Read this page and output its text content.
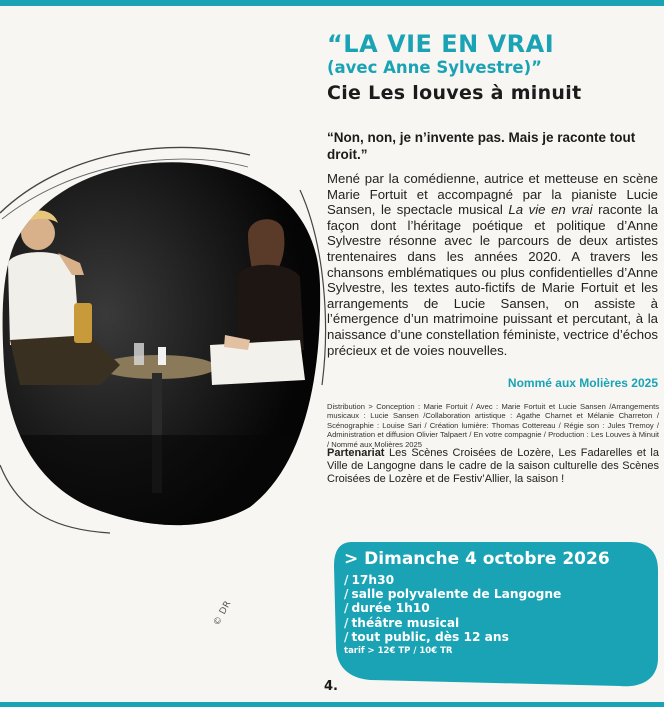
© DR
“LA VIE EN VRAI
(avec Anne Sylvestre)”
Cie Les louves à minuit
“Non, non, je n’invente pas. Mais je raconte tout droit.”
Mené par la comédienne, autrice et metteuse en scène Marie Fortuit et accompagné par la pianiste Lucie Sansen, le spectacle musical La vie en vrai raconte la façon dont l’héritage poétique et politique d’Anne Sylvestre résonne avec le parcours de deux artistes trentenaires dans les années 2020. A travers les chansons emblématiques ou plus confidentielles d’Anne Sylvestre, les textes auto-fictifs de Marie Fortuit et les arrangements de Lucie Sansen, on assiste à l’émergence d’un matrimoine puissant et percutant, à la naissance d’une constellation féministe, vectrice d’échos précieux et de voies nouvelles.
Nommé aux Molières 2025
Distribution > Conception : Marie Fortuit / Avec : Marie Fortuit et Lucie Sansen /Arrangements musicaux : Lucie Sansen /Collaboration artistique : Agathe Charnet et Mélanie Charreton / Scénographie : Louise Sari / Création lumière: Thomas Cottereau / Régie son : Jules Tremoy / Administration et diffusion Olivier Talpaert / En votre compagnie / Production : Les Louves à Minuit / Nommé aux Molières 2025
Partenariat Les Scènes Croisées de Lozère, Les Fadarelles et la Ville de Langogne dans le cadre de la saison culturelle des Scènes Croisées de Lozère et de Festiv’Allier, la saison !
> Dimanche 4 octobre 2026
/ 17h30
/ salle polyvalente de Langogne
/ durée 1h10
/ théâtre musical
/ tout public, dès 12 ans
tarif > 12€ TP / 10€ TR
4.
